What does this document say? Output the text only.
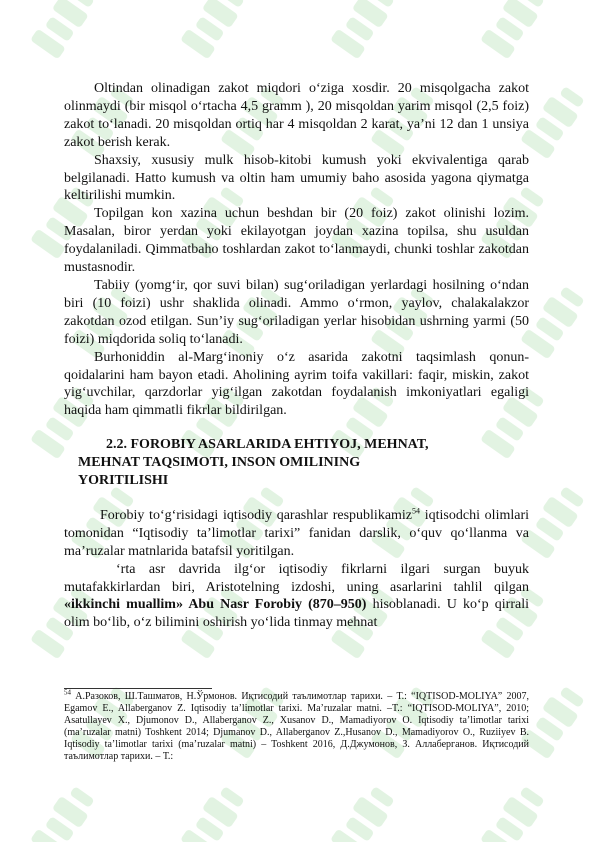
Oltindan olinadigan zakot miqdori o‘ziga xosdir. 20 misqolgacha zakot olinmaydi (bir misqol o‘rtacha 4,5 gramm ), 20 misqoldan yarim misqol (2,5 foiz) zakot to‘lanadi. 20 misqoldan ortiq har 4 misqoldan 2 karat, ya’ni 12 dan 1 unsiya zakot berish kerak.

Shaxsiy, xususiy mulk hisob-kitobi kumush yoki ekvivalentiga qarab belgilanadi. Hatto kumush va oltin ham umumiy baho asosida yagona qiymatga keltirilishi mumkin.

Topilgan kon xazina uchun beshdan bir (20 foiz) zakot olinishi lozim. Masalan, biror yerdan yoki ekilayotgan joydan xazina topilsa, shu usuldan foydalaniladi. Qimmatbaho toshlardan zakot to‘lanmaydi, chunki toshlar zakotdan mustasnodir.

Tabiiy (yomg‘ir, qor suvi bilan) sug‘oriladigan yerlardagi hosilning o‘ndan biri (10 foizi) ushr shaklida olinadi. Ammo o‘rmon, yaylov, chalakalakzor zakotdan ozod etilgan. Sun’iy sug‘oriladigan yerlar hisobidan ushrning yarmi (50 foizi) miqdorida soliq to‘lanadi.

Burhoniddin al-Marg‘inoniy o‘z asarida zakotni taqsimlash qonun-qoidalarini ham bayon etadi. Aholining ayrim toifa vakillari: faqir, miskin, zakot yig‘uvchilar, qarzdorlar yig‘ilgan zakotdan foydalanish imkoniyatlari egaligi haqida ham qimmatli fikrlar bildirilgan.

2.2. FOROBIY ASARLARIDA EHTIYOJ, MEHNAT,
MEHNAT TAQSIMOTI, INSON OMILINING
YORITILISHI

Forobiy to‘g‘risidagi iqtisodiy qarashlar respublikamiz$^{54}$ iqtisodchi olimlari tomonidan “Iqtisodiy ta’limotlar tarixi” fanidan darslik, o‘quv qo‘llanma va ma’ruzalar matnlarida batafsil yoritilgan.

‘rta asr davrida ilg‘or iqtisodiy fikrlarni ilgari surgan buyuk mutafakkirlardan biri, Aristotelning izdoshi, uning asarlarini tahlil qilgan «ikkinchi muallim» Abu Nasr Forobiy (870–950) hisoblanadi. U ko‘p qirrali olim bo‘lib, o‘z bilimini oshirish yo‘lida tinmay mehnat

$^{54}$ А.Разоков, Ш.Ташматов, Н.Ўрмонов. Иқтисодий таълимотлар тарихи. – Т.: “IQTISOD-MOLIYA” 2007, Egamov E., Allaberganov Z. Iqtisodiy ta’limotlar tarixi. Ma’ruzalar matni. –T.: “IQTISOD-MOLIYA”, 2010; Asatullayev X., Djumonov D., Allaberganov Z., Xusanov D., Mamadiyorov O. Iqtisodiy ta’limotlar tarixi (ma’ruzalar matni) Toshkent 2014; Djumanov D., Allaberganov Z.,Husanov D., Mamadiyorov O., Ruziiyev B. Iqtisodiy ta’limotlar tarixi (ma’ruzalar matni) – Toshkent 2016, Д.Джумонов, З. Аллаберганов. Иқтисодий таълимотлар тарихи. – Т.:
